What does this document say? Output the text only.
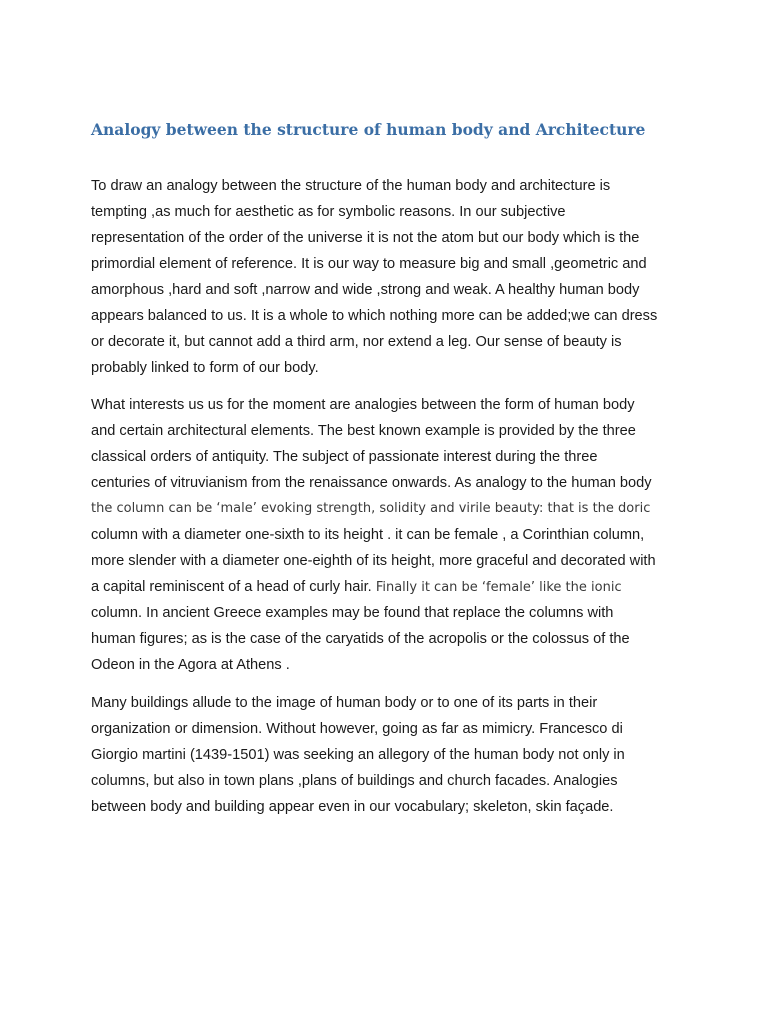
Analogy between the structure of human body and Architecture
To draw an analogy between the structure of the human body and architecture is
tempting ,as much for aesthetic as for symbolic reasons. In our subjective
representation of the order of the universe it is not the atom but our body which is the
primordial element of reference. It is our way to measure big and small ,geometric and
amorphous ,hard and soft ,narrow and wide ,strong and weak. A healthy human body
appears balanced to us. It is a whole to which nothing more can be added;we can dress
or decorate it, but cannot add a third arm, nor extend a leg. Our sense of beauty is
probably linked to form of our body.
What interests us us for the moment are analogies between the form of human body
and certain architectural elements. The best known example is provided by the three
classical orders of antiquity. The subject of passionate interest during the three
centuries of vitruvianism from the renaissance onwards. As analogy to the human body
the column can be ‘male’ evoking strength, solidity and virile beauty: that is the doric
column with a diameter one-sixth to its height . it can be female , a Corinthian column,
more slender with a diameter one-eighth of its height, more graceful and decorated with
a capital reminiscent of a head of curly hair. Finally it can be ‘female’ like the ionic
column. In ancient Greece examples may be found that replace the columns with
human figures; as is the case of the caryatids of the acropolis or the colossus of the
Odeon in the Agora at Athens .
Many buildings allude to the image of human body or to one of its parts in their
organization or dimension. Without however, going as far as mimicry. Francesco di
Giorgio martini (1439-1501) was seeking an allegory of the human body not only in
columns, but also in town plans ,plans of buildings and church facades. Analogies
between body and building appear even in our vocabulary; skeleton, skin façade.
